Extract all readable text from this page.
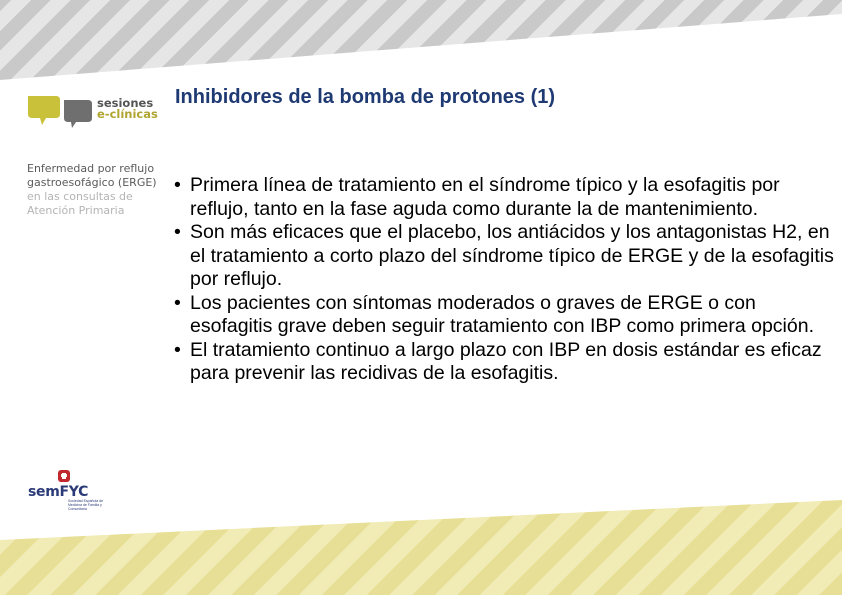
sesiones
e-clínicas
Enfermedad por reflujo
gastroesofágico (ERGE)
en las consultas de
Atención Primaria
semFYC
Sociedad Española de Medicina de Familia y Comunitaria
Inhibidores de la bomba de protones (1)
• Primera línea de tratamiento en el síndrome típico y la esofagitis por reflujo, tanto en la fase aguda como durante la de mantenimiento.
• Son más eficaces que el placebo, los antiácidos y los antagonistas H2, en el tratamiento a corto plazo del síndrome típico de ERGE y de la esofagitis por reflujo.
• Los pacientes con síntomas moderados o graves de ERGE o con esofagitis grave deben seguir tratamiento con IBP como primera opción.
• El tratamiento continuo a largo plazo con IBP en dosis estándar es eficaz para prevenir las recidivas de la esofagitis.
